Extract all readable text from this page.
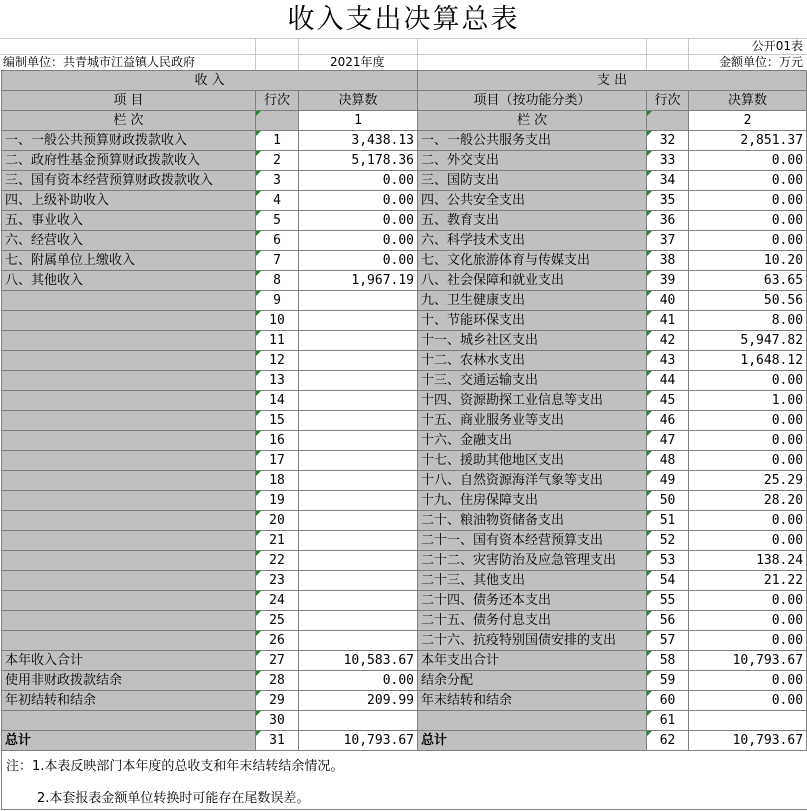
收入支出决算总表
公开01表
编制单位：共青城市江益镇人民政府	2021年度	金额单位：万元
收 入			支 出		
项 目	行次	决算数	项目（按功能分类）	行次	决算数
栏 次		1	栏 次		2
一、一般公共预算财政拨款收入	1	3,438.13	一、一般公共服务支出	32	2,851.37
二、政府性基金预算财政拨款收入	2	5,178.36	二、外交支出	33	0.00
三、国有资本经营预算财政拨款收入	3	0.00	三、国防支出	34	0.00
四、上级补助收入	4	0.00	四、公共安全支出	35	0.00
五、事业收入	5	0.00	五、教育支出	36	0.00
六、经营收入	6	0.00	六、科学技术支出	37	0.00
七、附属单位上缴收入	7	0.00	七、文化旅游体育与传媒支出	38	10.20
八、其他收入	8	1,967.19	八、社会保障和就业支出	39	63.65
	9		九、卫生健康支出	40	50.56
	10		十、节能环保支出	41	8.00
	11		十一、城乡社区支出	42	5,947.82
	12		十二、农林水支出	43	1,648.12
	13		十三、交通运输支出	44	0.00
	14		十四、资源勘探工业信息等支出	45	1.00
	15		十五、商业服务业等支出	46	0.00
	16		十六、金融支出	47	0.00
	17		十七、援助其他地区支出	48	0.00
	18		十八、自然资源海洋气象等支出	49	25.29
	19		十九、住房保障支出	50	28.20
	20		二十、粮油物资储备支出	51	0.00
	21		二十一、国有资本经营预算支出	52	0.00
	22		二十二、灾害防治及应急管理支出	53	138.24
	23		二十三、其他支出	54	21.22
	24		二十四、债务还本支出	55	0.00
	25		二十五、债务付息支出	56	0.00
	26		二十六、抗疫特别国债安排的支出	57	0.00
本年收入合计	27	10,583.67	本年支出合计	58	10,793.67
使用非财政拨款结余	28	0.00	结余分配	59	0.00
年初结转和结余	29	209.99	年末结转和结余	60	0.00
	30			61	
总计	31	10,793.67	总计	62	10,793.67
注：1.本表反映部门本年度的总收支和年末结转结余情况。
2.本套报表金额单位转换时可能存在尾数误差。
